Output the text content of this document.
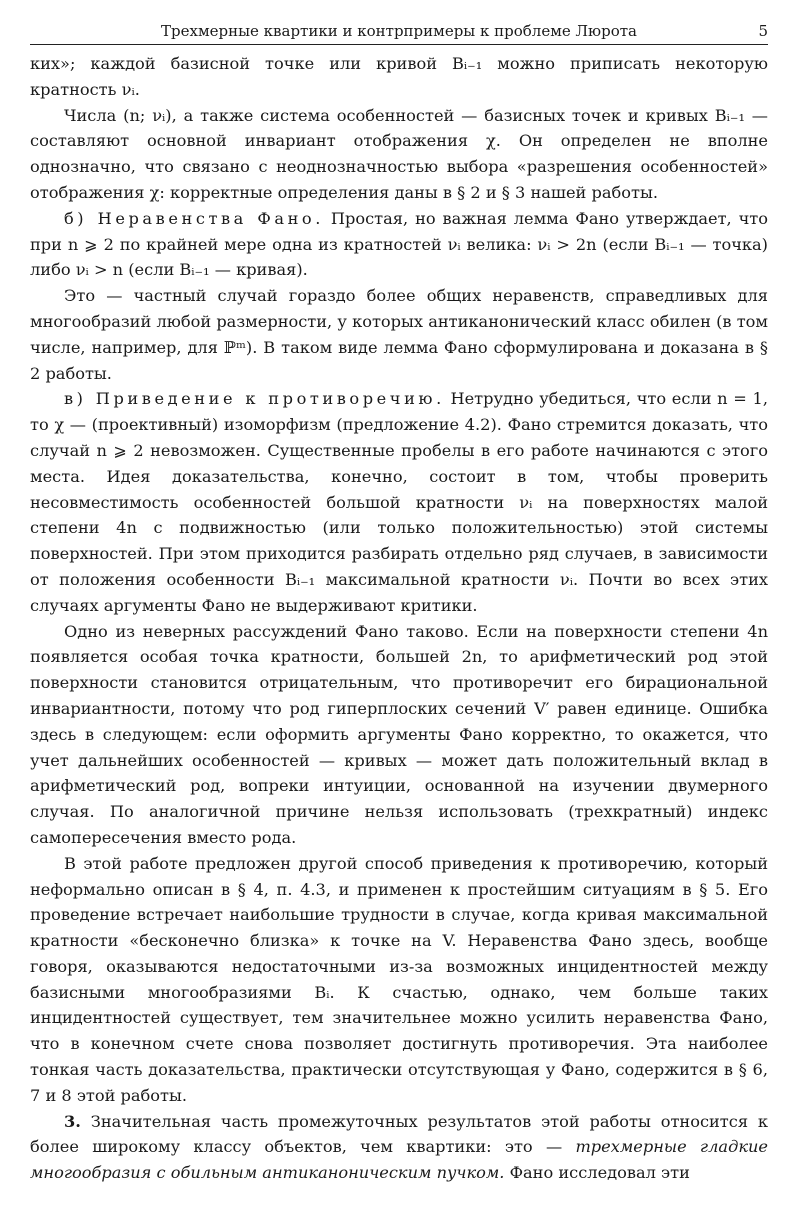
Трехмерные квартики и контрпримеры к проблеме Люрота	5

ких»; каждой базисной точке или кривой Bᵢ₋₁ можно приписать некоторую кратность νᵢ.

Числа (n; νᵢ), а также система особенностей — базисных точек и кривых Bᵢ₋₁ — составляют основной инвариант отображения χ. Он определен не вполне однозначно, что связано с неоднозначностью выбора «разрешения особенностей» отображения χ: корректные определения даны в § 2 и § 3 нашей работы.

б) Неравенства Фано. Простая, но важная лемма Фано утверждает, что при n ⩾ 2 по крайней мере одна из кратностей νᵢ велика: νᵢ > 2n (если Bᵢ₋₁ — точка) либо νᵢ > n (если Bᵢ₋₁ — кривая).

Это — частный случай гораздо более общих неравенств, справедливых для многообразий любой размерности, у которых антиканонический класс обилен (в том числе, например, для ℙᵐ). В таком виде лемма Фано сформулирована и доказана в § 2 работы.

в) Приведение к противоречию. Нетрудно убедиться, что если n = 1, то χ — (проективный) изоморфизм (предложение 4.2). Фано стремится доказать, что случай n ⩾ 2 невозможен. Существенные пробелы в его работе начинаются с этого места. Идея доказательства, конечно, состоит в том, чтобы проверить несовместимость особенностей большой кратности νᵢ на поверхностях малой степени 4n с подвижностью (или только положительностью) этой системы поверхностей. При этом приходится разбирать отдельно ряд случаев, в зависимости от положения особенности Bᵢ₋₁ максимальной кратности νᵢ. Почти во всех этих случаях аргументы Фано не выдерживают критики.

Одно из неверных рассуждений Фано таково. Если на поверхности степени 4n появляется особая точка кратности, большей 2n, то арифметический род этой поверхности становится отрицательным, что противоречит его бирациональной инвариантности, потому что род гиперплоских сечений V′ равен единице. Ошибка здесь в следующем: если оформить аргументы Фано корректно, то окажется, что учет дальнейших особенностей — кривых — может дать положительный вклад в арифметический род, вопреки интуиции, основанной на изучении двумерного случая. По аналогичной причине нельзя использовать (трехкратный) индекс самопересечения вместо рода.

В этой работе предложен другой способ приведения к противоречию, который неформально описан в § 4, п. 4.3, и применен к простейшим ситуациям в § 5. Его проведение встречает наибольшие трудности в случае, когда кривая максимальной кратности «бесконечно близка» к точке на V. Неравенства Фано здесь, вообще говоря, оказываются недостаточными из-за возможных инцидентностей между базисными многообразиями Bᵢ. К счастью, однако, чем больше таких инцидентностей существует, тем значительнее можно усилить неравенства Фано, что в конечном счете снова позволяет достигнуть противоречия. Эта наиболее тонкая часть доказательства, практически отсутствующая у Фано, содержится в § 6, 7 и 8 этой работы.

3. Значительная часть промежуточных результатов этой работы относится к более широкому классу объектов, чем квартики: это — трехмерные гладкие многообразия с обильным антиканоническим пучком. Фано исследовал эти
